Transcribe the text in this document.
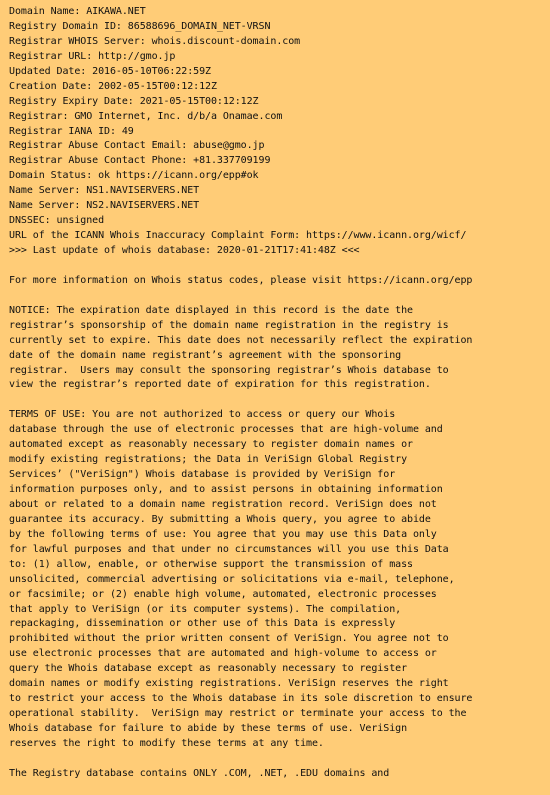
Domain Name: AIKAWA.NET
Registry Domain ID: 86588696_DOMAIN_NET-VRSN
Registrar WHOIS Server: whois.discount-domain.com
Registrar URL: http://gmo.jp
Updated Date: 2016-05-10T06:22:59Z
Creation Date: 2002-05-15T00:12:12Z
Registry Expiry Date: 2021-05-15T00:12:12Z
Registrar: GMO Internet, Inc. d/b/a Onamae.com
Registrar IANA ID: 49
Registrar Abuse Contact Email: abuse@gmo.jp
Registrar Abuse Contact Phone: +81.337709199
Domain Status: ok https://icann.org/epp#ok
Name Server: NS1.NAVISERVERS.NET
Name Server: NS2.NAVISERVERS.NET
DNSSEC: unsigned
URL of the ICANN Whois Inaccuracy Complaint Form: https://www.icann.org/wicf/
>>> Last update of whois database: 2020-01-21T17:41:48Z <<<
For more information on Whois status codes, please visit https://icann.org/epp
NOTICE: The expiration date displayed in this record is the date the
registrar’s sponsorship of the domain name registration in the registry is
currently set to expire. This date does not necessarily reflect the expiration
date of the domain name registrant’s agreement with the sponsoring
registrar.  Users may consult the sponsoring registrar’s Whois database to
view the registrar’s reported date of expiration for this registration.
TERMS OF USE: You are not authorized to access or query our Whois
database through the use of electronic processes that are high-volume and
automated except as reasonably necessary to register domain names or
modify existing registrations; the Data in VeriSign Global Registry
Services’ ("VeriSign") Whois database is provided by VeriSign for
information purposes only, and to assist persons in obtaining information
about or related to a domain name registration record. VeriSign does not
guarantee its accuracy. By submitting a Whois query, you agree to abide
by the following terms of use: You agree that you may use this Data only
for lawful purposes and that under no circumstances will you use this Data
to: (1) allow, enable, or otherwise support the transmission of mass
unsolicited, commercial advertising or solicitations via e-mail, telephone,
or facsimile; or (2) enable high volume, automated, electronic processes
that apply to VeriSign (or its computer systems). The compilation,
repackaging, dissemination or other use of this Data is expressly
prohibited without the prior written consent of VeriSign. You agree not to
use electronic processes that are automated and high-volume to access or
query the Whois database except as reasonably necessary to register
domain names or modify existing registrations. VeriSign reserves the right
to restrict your access to the Whois database in its sole discretion to ensure
operational stability.  VeriSign may restrict or terminate your access to the
Whois database for failure to abide by these terms of use. VeriSign
reserves the right to modify these terms at any time.
The Registry database contains ONLY .COM, .NET, .EDU domains and
